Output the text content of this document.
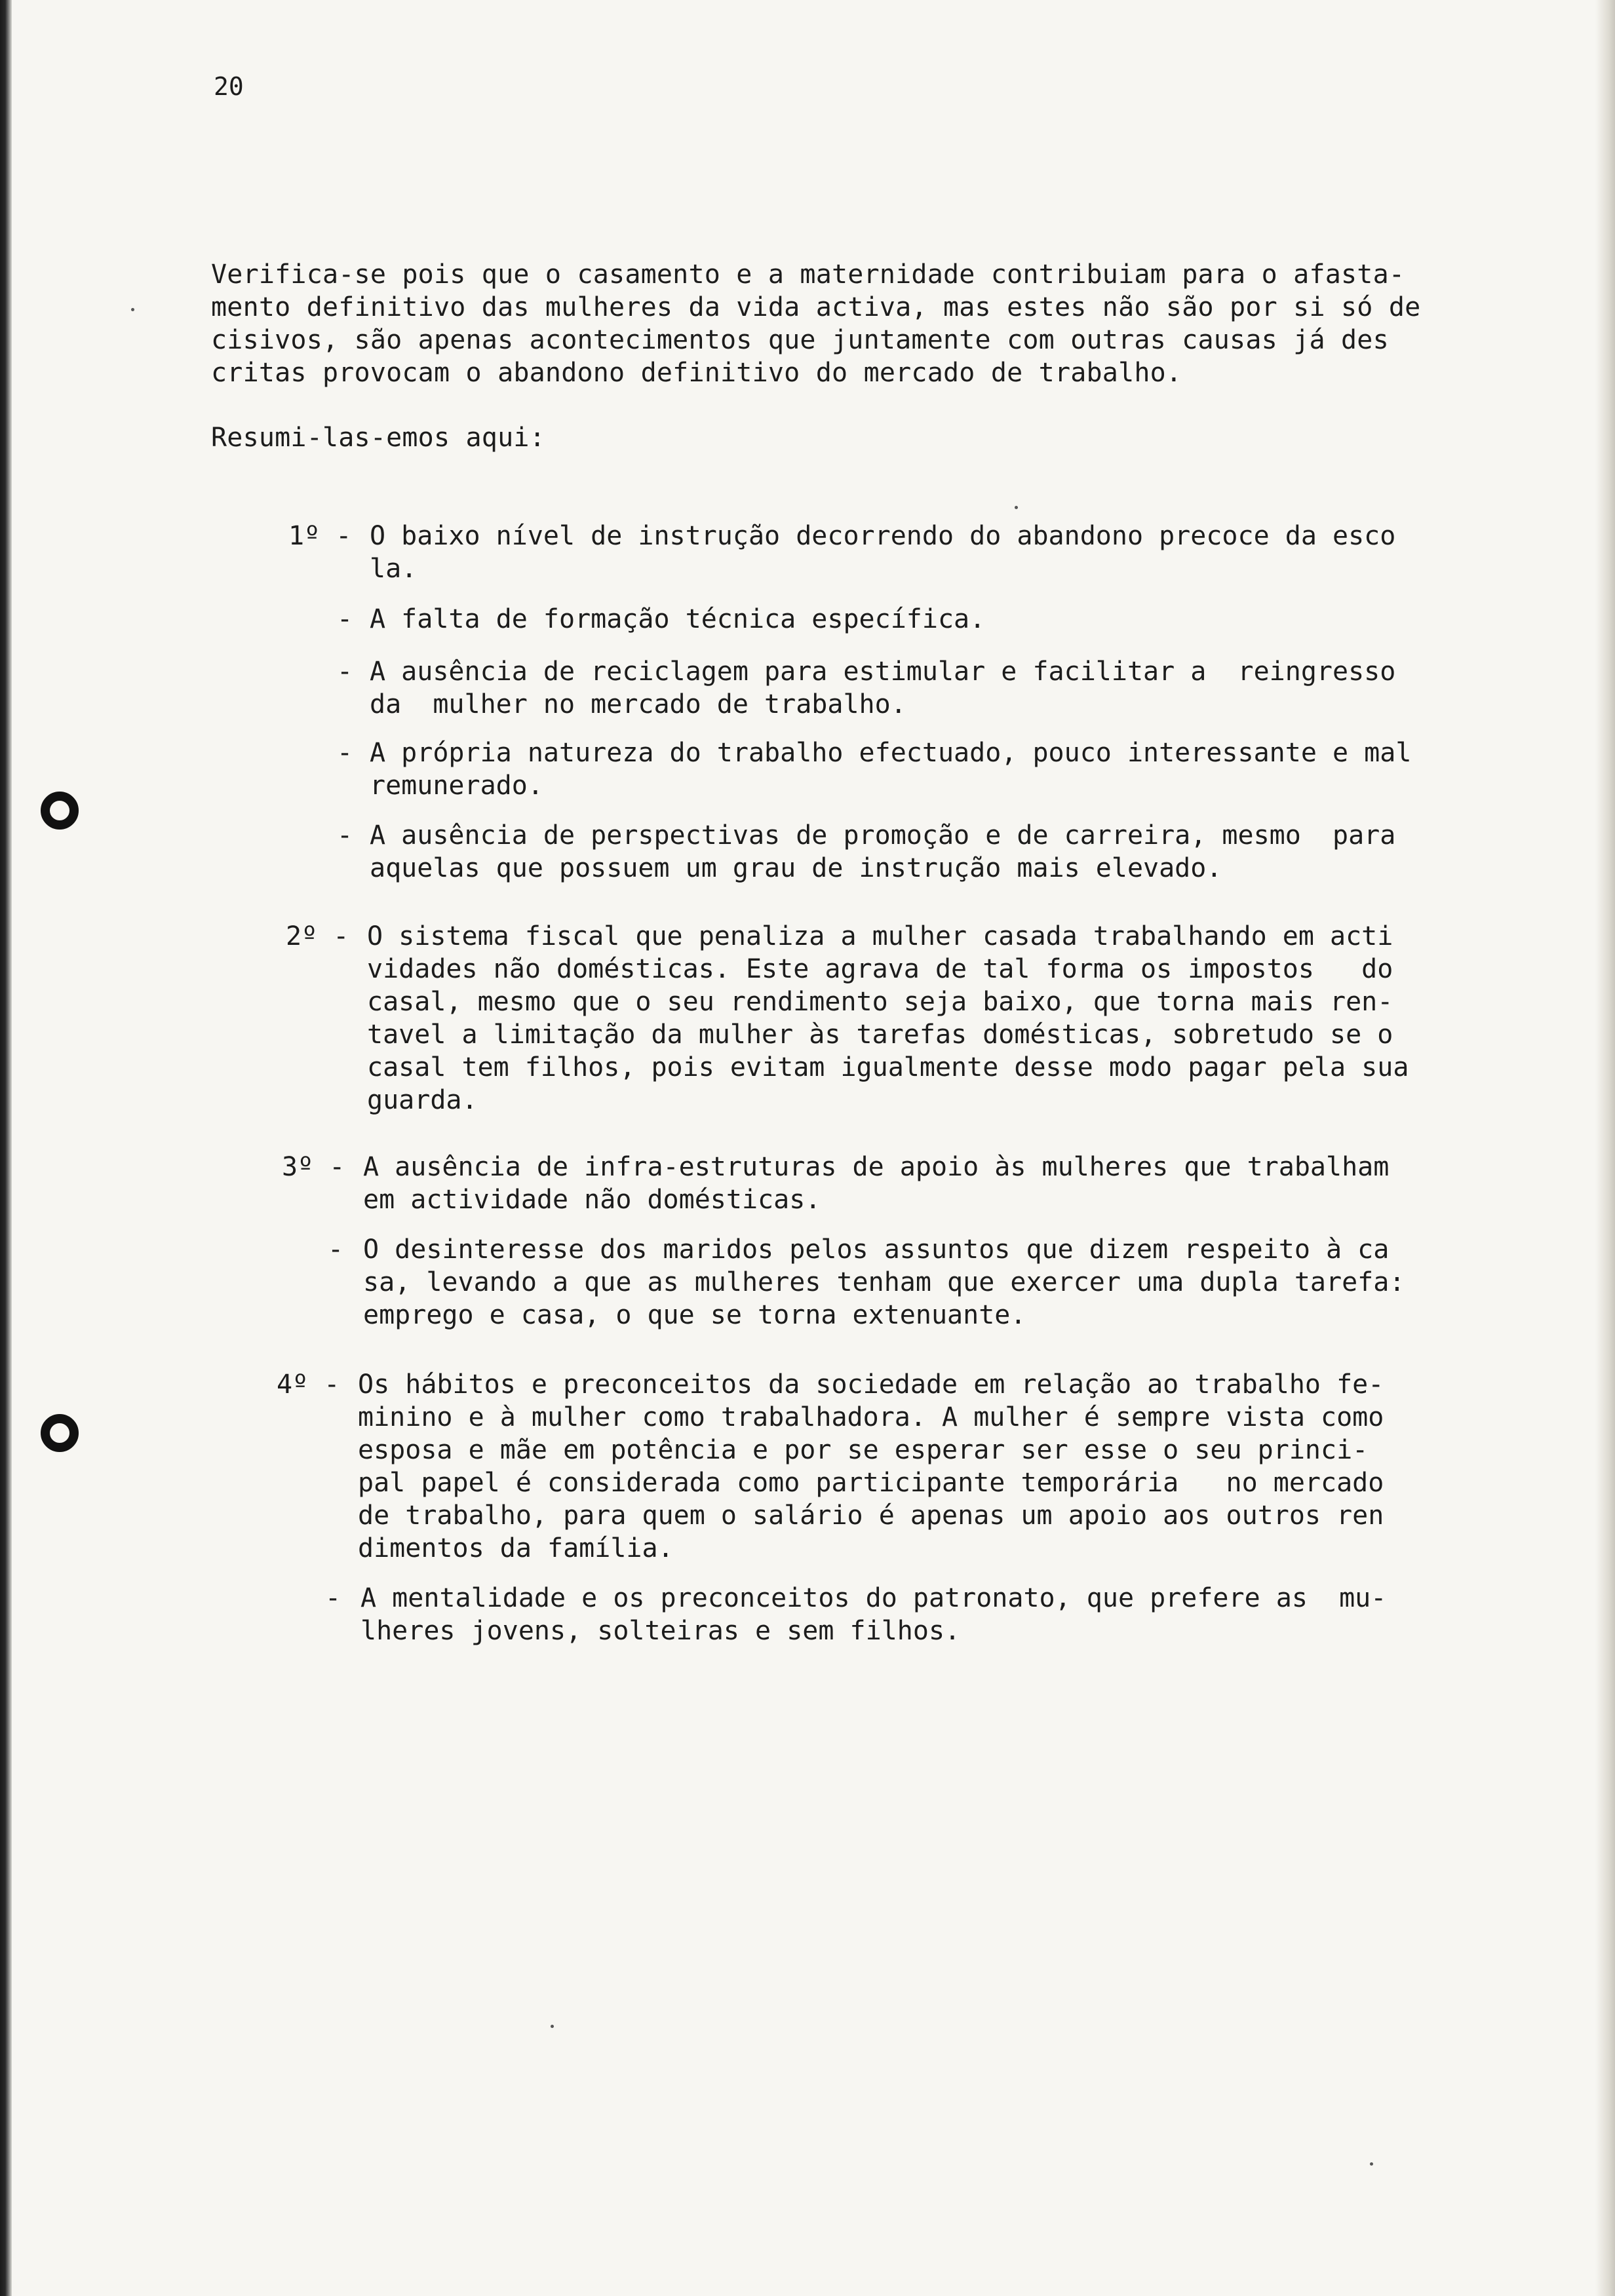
20
Verifica-se pois que o casamento e a maternidade contribuiam para o afasta-
mento definitivo das mulheres da vida activa, mas estes não são por si só de
cisivos, são apenas acontecimentos que juntamente com outras causas já des
critas provocam o abandono definitivo do mercado de trabalho.
Resumi-las-emos aqui:
1º - O baixo nível de instrução decorrendo do abandono precoce da esco
la.
- A falta de formação técnica específica.
- A ausência de reciclagem para estimular e facilitar a  reingresso
da  mulher no mercado de trabalho.
- A própria natureza do trabalho efectuado, pouco interessante e mal
remunerado.
- A ausência de perspectivas de promoção e de carreira, mesmo  para
aquelas que possuem um grau de instrução mais elevado.
2º - O sistema fiscal que penaliza a mulher casada trabalhando em acti
vidades não domésticas. Este agrava de tal forma os impostos   do
casal, mesmo que o seu rendimento seja baixo, que torna mais ren-
tavel a limitação da mulher às tarefas domésticas, sobretudo se o
casal tem filhos, pois evitam igualmente desse modo pagar pela sua
guarda.
3º - A ausência de infra-estruturas de apoio às mulheres que trabalham
em actividade não domésticas.
- O desinteresse dos maridos pelos assuntos que dizem respeito à ca
sa, levando a que as mulheres tenham que exercer uma dupla tarefa:
emprego e casa, o que se torna extenuante.
4º - Os hábitos e preconceitos da sociedade em relação ao trabalho fe-
minino e à mulher como trabalhadora. A mulher é sempre vista como
esposa e mãe em potência e por se esperar ser esse o seu princi-
pal papel é considerada como participante temporária   no mercado
de trabalho, para quem o salário é apenas um apoio aos outros ren
dimentos da família.
- A mentalidade e os preconceitos do patronato, que prefere as  mu-
lheres jovens, solteiras e sem filhos.
